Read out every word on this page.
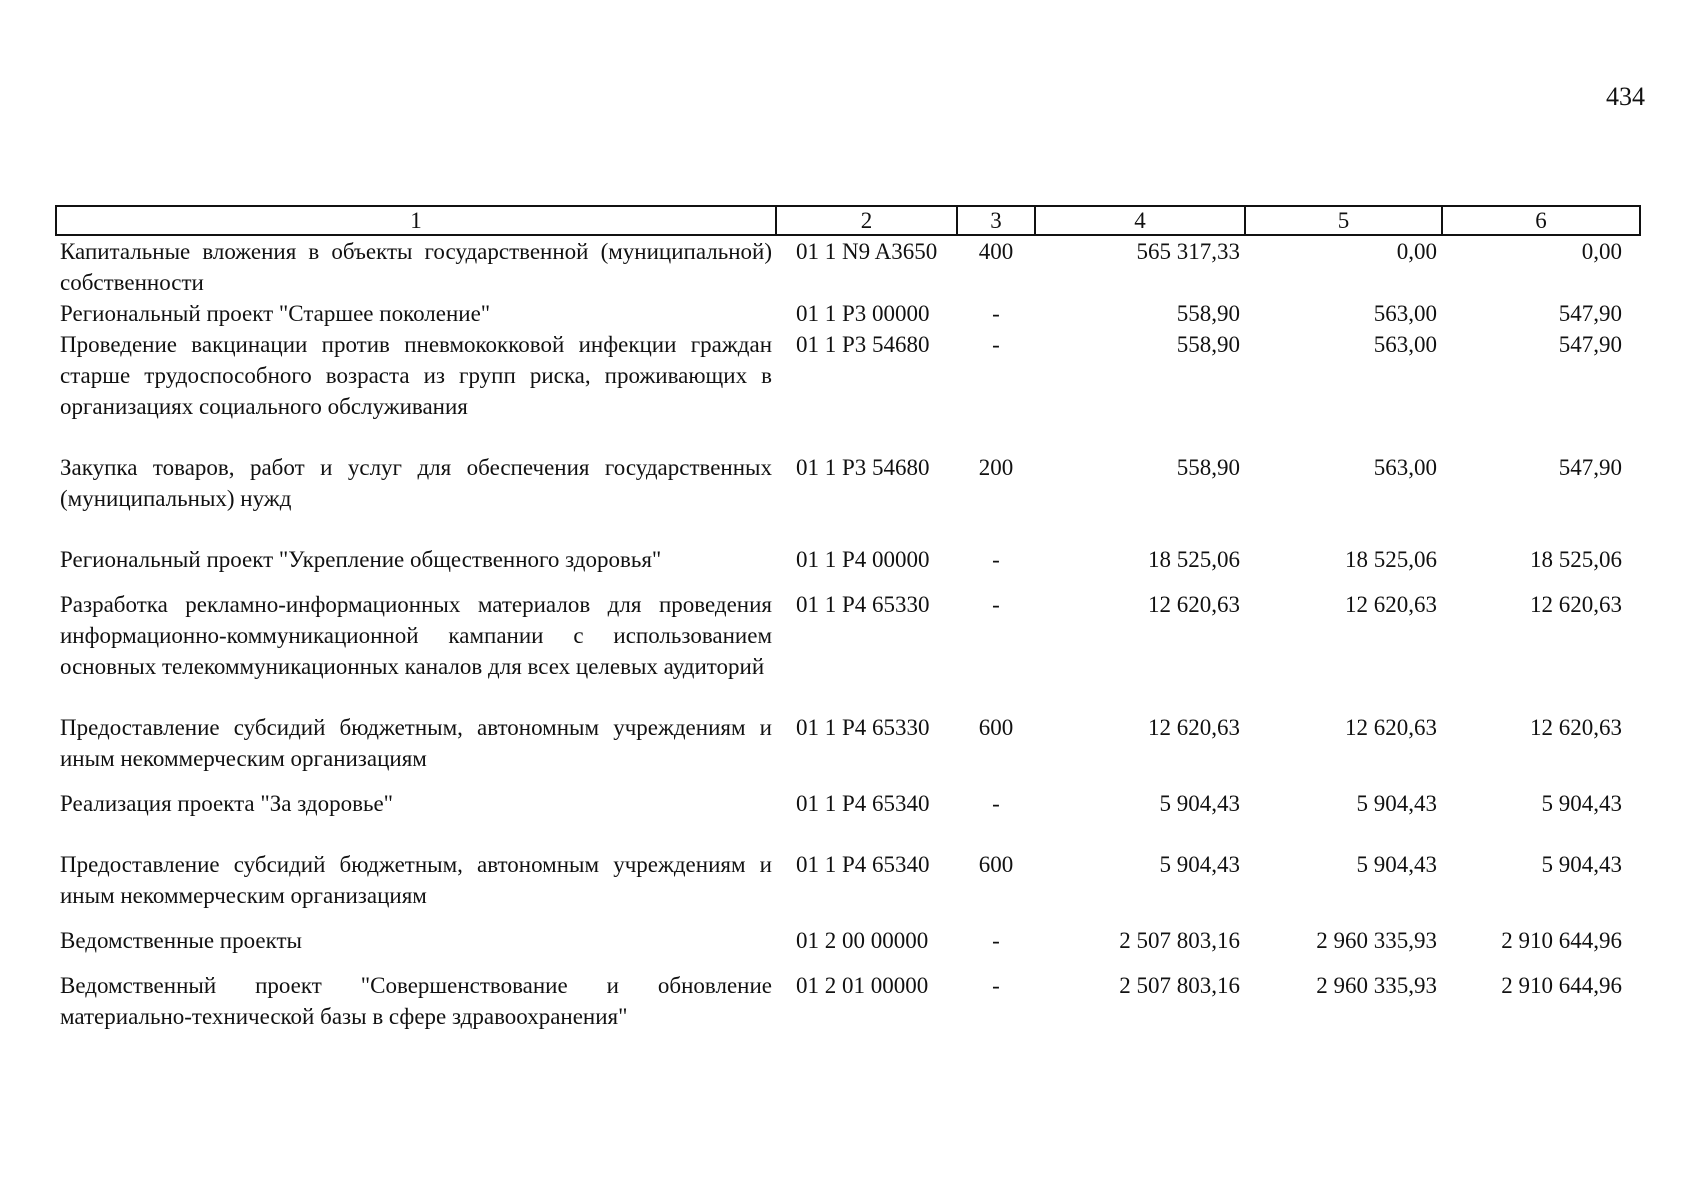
434
1	2	3	4	5	6
Капитальные вложения в объекты государственной (муниципальной) собственности	01 1 N9 A3650	400	565 317,33	0,00	0,00
Региональный проект "Старшее поколение"	01 1 P3 00000	-	558,90	563,00	547,90
Проведение вакцинации против пневмококковой инфекции граждан старше трудоспособного возраста из групп риска, проживающих в организациях социального обслуживания	01 1 P3 54680	-	558,90	563,00	547,90
Закупка товаров, работ и услуг для обеспечения государственных (муниципальных) нужд	01 1 P3 54680	200	558,90	563,00	547,90
Региональный проект "Укрепление общественного здоровья"	01 1 P4 00000	-	18 525,06	18 525,06	18 525,06
Разработка рекламно-информационных материалов для проведения информационно-коммуникационной кампании с использованием основных телекоммуникационных каналов для всех целевых аудиторий	01 1 P4 65330	-	12 620,63	12 620,63	12 620,63
Предоставление субсидий бюджетным, автономным учреждениям и иным некоммерческим организациям	01 1 P4 65330	600	12 620,63	12 620,63	12 620,63
Реализация проекта "За здоровье"	01 1 P4 65340	-	5 904,43	5 904,43	5 904,43
Предоставление субсидий бюджетным, автономным учреждениям и иным некоммерческим организациям	01 1 P4 65340	600	5 904,43	5 904,43	5 904,43
Ведомственные проекты	01 2 00 00000	-	2 507 803,16	2 960 335,93	2 910 644,96
Ведомственный проект "Совершенствование и обновление материально-технической базы в сфере здравоохранения"	01 2 01 00000	-	2 507 803,16	2 960 335,93	2 910 644,96
